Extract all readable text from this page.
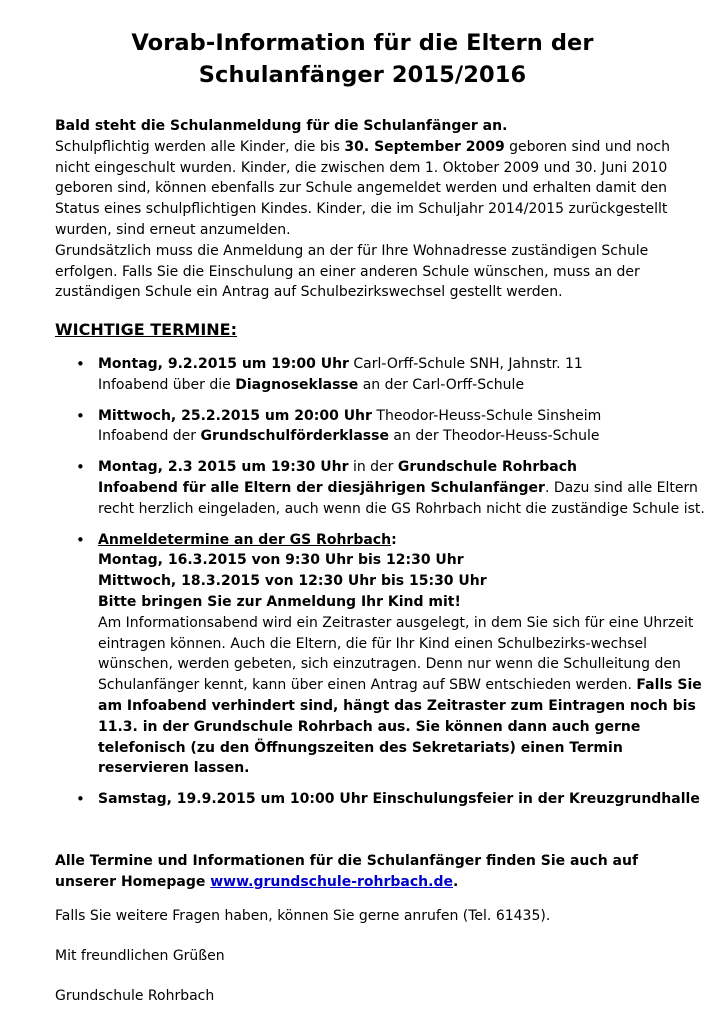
Vorab-Information für die Eltern der
Schulanfänger 2015/2016

Bald steht die Schulanmeldung für die Schulanfänger an.

Schulpflichtig werden alle Kinder, die bis 30. September 2009 geboren sind und noch nicht eingeschult wurden. Kinder, die zwischen dem 1. Oktober 2009 und 30. Juni 2010 geboren sind, können ebenfalls zur Schule angemeldet werden und erhalten damit den Status eines schulpflichtigen Kindes. Kinder, die im Schuljahr 2014/2015 zurückgestellt wurden, sind erneut anzumelden.

Grundsätzlich muss die Anmeldung an der für Ihre Wohnadresse zuständigen Schule erfolgen. Falls Sie die Einschulung an einer anderen Schule wünschen, muss an der zuständigen Schule ein Antrag auf Schulbezirkswechsel gestellt werden.

WICHTIGE TERMINE:
• Montag, 9.2.2015 um 19:00 Uhr Carl-Orff-Schule SNH, Jahnstr. 11
Infoabend über die Diagnoseklasse an der Carl-Orff-Schule
• Mittwoch, 25.2.2015 um 20:00 Uhr Theodor-Heuss-Schule Sinsheim
Infoabend der Grundschulförderklasse an der Theodor-Heuss-Schule
• Montag, 2.3 2015 um 19:30 Uhr in der Grundschule Rohrbach
Infoabend für alle Eltern der diesjährigen Schulanfänger. Dazu sind alle Eltern recht herzlich eingeladen, auch wenn die GS Rohrbach nicht die zuständige Schule ist.
• Anmeldetermine an der GS Rohrbach:
Montag, 16.3.2015 von 9:30 Uhr bis 12:30 Uhr
Mittwoch, 18.3.2015 von 12:30 Uhr bis 15:30 Uhr
Bitte bringen Sie zur Anmeldung Ihr Kind mit!
Am Informationsabend wird ein Zeitraster ausgelegt, in dem Sie sich für eine Uhrzeit eintragen können. Auch die Eltern, die für Ihr Kind einen Schulbezirks-wechsel wünschen, werden gebeten, sich einzutragen. Denn nur wenn die Schulleitung den Schulanfänger kennt, kann über einen Antrag auf SBW entschieden werden. Falls Sie am Infoabend verhindert sind, hängt das Zeitraster zum Eintragen noch bis 11.3. in der Grundschule Rohrbach aus. Sie können dann auch gerne telefonisch (zu den Öffnungszeiten des Sekretariats) einen Termin reservieren lassen.
• Samstag, 19.9.2015 um 10:00 Uhr Einschulungsfeier in der Kreuzgrundhalle
Alle Termine und Informationen für die Schulanfänger finden Sie auch auf unserer Homepage www.grundschule-rohrbach.de.
Falls Sie weitere Fragen haben, können Sie gerne anrufen (Tel. 61435).
Mit freundlichen Grüßen
Grundschule Rohrbach
